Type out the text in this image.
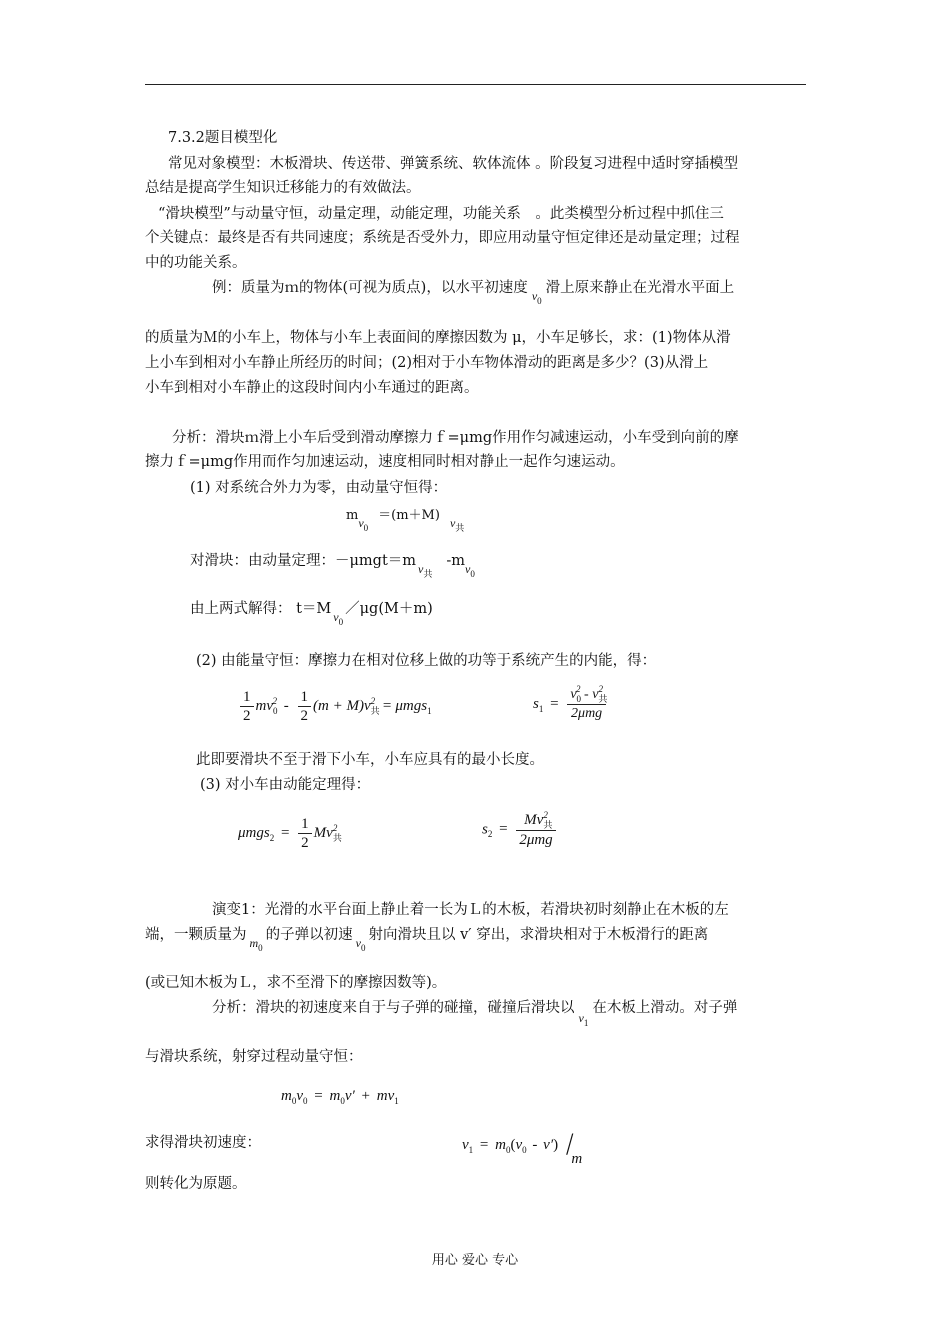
7.3.2题目模型化
常见对象模型：木板滑块、传送带、弹簧系统、软体流体 。阶段复习进程中适时穿插模型
总结是提高学生知识迁移能力的有效做法。
“滑块模型”与动量守恒，动量定理，动能定理，功能关系　。此类模型分析过程中抓住三
个关键点：最终是否有共同速度；系统是否受外力，即应用动量守恒定律还是动量定理；过程
中的功能关系。
例：质量为ｍ的物体(可视为质点)，以水平初速度 $_{v_0}$滑上原来静止在光滑水平面上
的质量为Ｍ的小车上，物体与小车上表面间的摩擦因数为 μ，小车足够长，求：(1)物体从滑
上小车到相对小车静止所经历的时间；(2)相对于小车物体滑动的距离是多少？(3)从滑上
小车到相对小车静止的这段时间内小车通过的距离。
分析：滑块ｍ滑上小车后受到滑动摩擦力ｆ=μmg作用作匀减速运动，小车受到向前的摩
擦力ｆ=μmg作用而作匀加速运动，速度相同时相对静止一起作匀速运动。
(1) 对系统合外力为零，由动量守恒得：
$mv_0=(m+M)$ $v_共$
对滑块：由动量定理：－μmgt＝m $_{v_共}-m_{v_0}$
由上两式解得： t＝M $_{v_0}$／μg(M＋m)
(2) 由能量守恒：摩擦力在相对位移上做的功等于系统产生的内能，得：
$\frac{1}{2} mv_0^2 - \frac{1}{2} (m + M)v_共^2 = \mu mgs_1$	$s_1 = \frac{v_0^2 - v_共^2}{\text{2μmg}}$
此即要滑块不至于滑下小车，小车应具有的最小长度。
(3) 对小车由动能定理得：
$\mu mgs_2 = \frac{1}{2} Mv_共^2$	$s_2 = \frac{Mv_共^2}{\text{2μmg}}$
演变1：光滑的水平台面上静止着一长为Ｌ的木板，若滑块初时刻静止在木板的左
端，一颗质量为 $_{m_0}$的子弹以初速 $_{v_0}$射向滑块且以 v′ 穿出，求滑块相对于木板滑行的距离
(或已知木板为Ｌ，求不至滑下的摩擦因数等)。
分析：滑块的初速度来自于与子弹的碰撞，碰撞后滑块以$_{v_1}$在木板上滑动。对子弹
与滑块系统，射穿过程动量守恒：
$m_0v_0 = m_0v' + mv_1$
求得滑块初速度：	$v_1 = m_0(v_0 - v')$ /m
则转化为原题。
用心 爱心 专心
